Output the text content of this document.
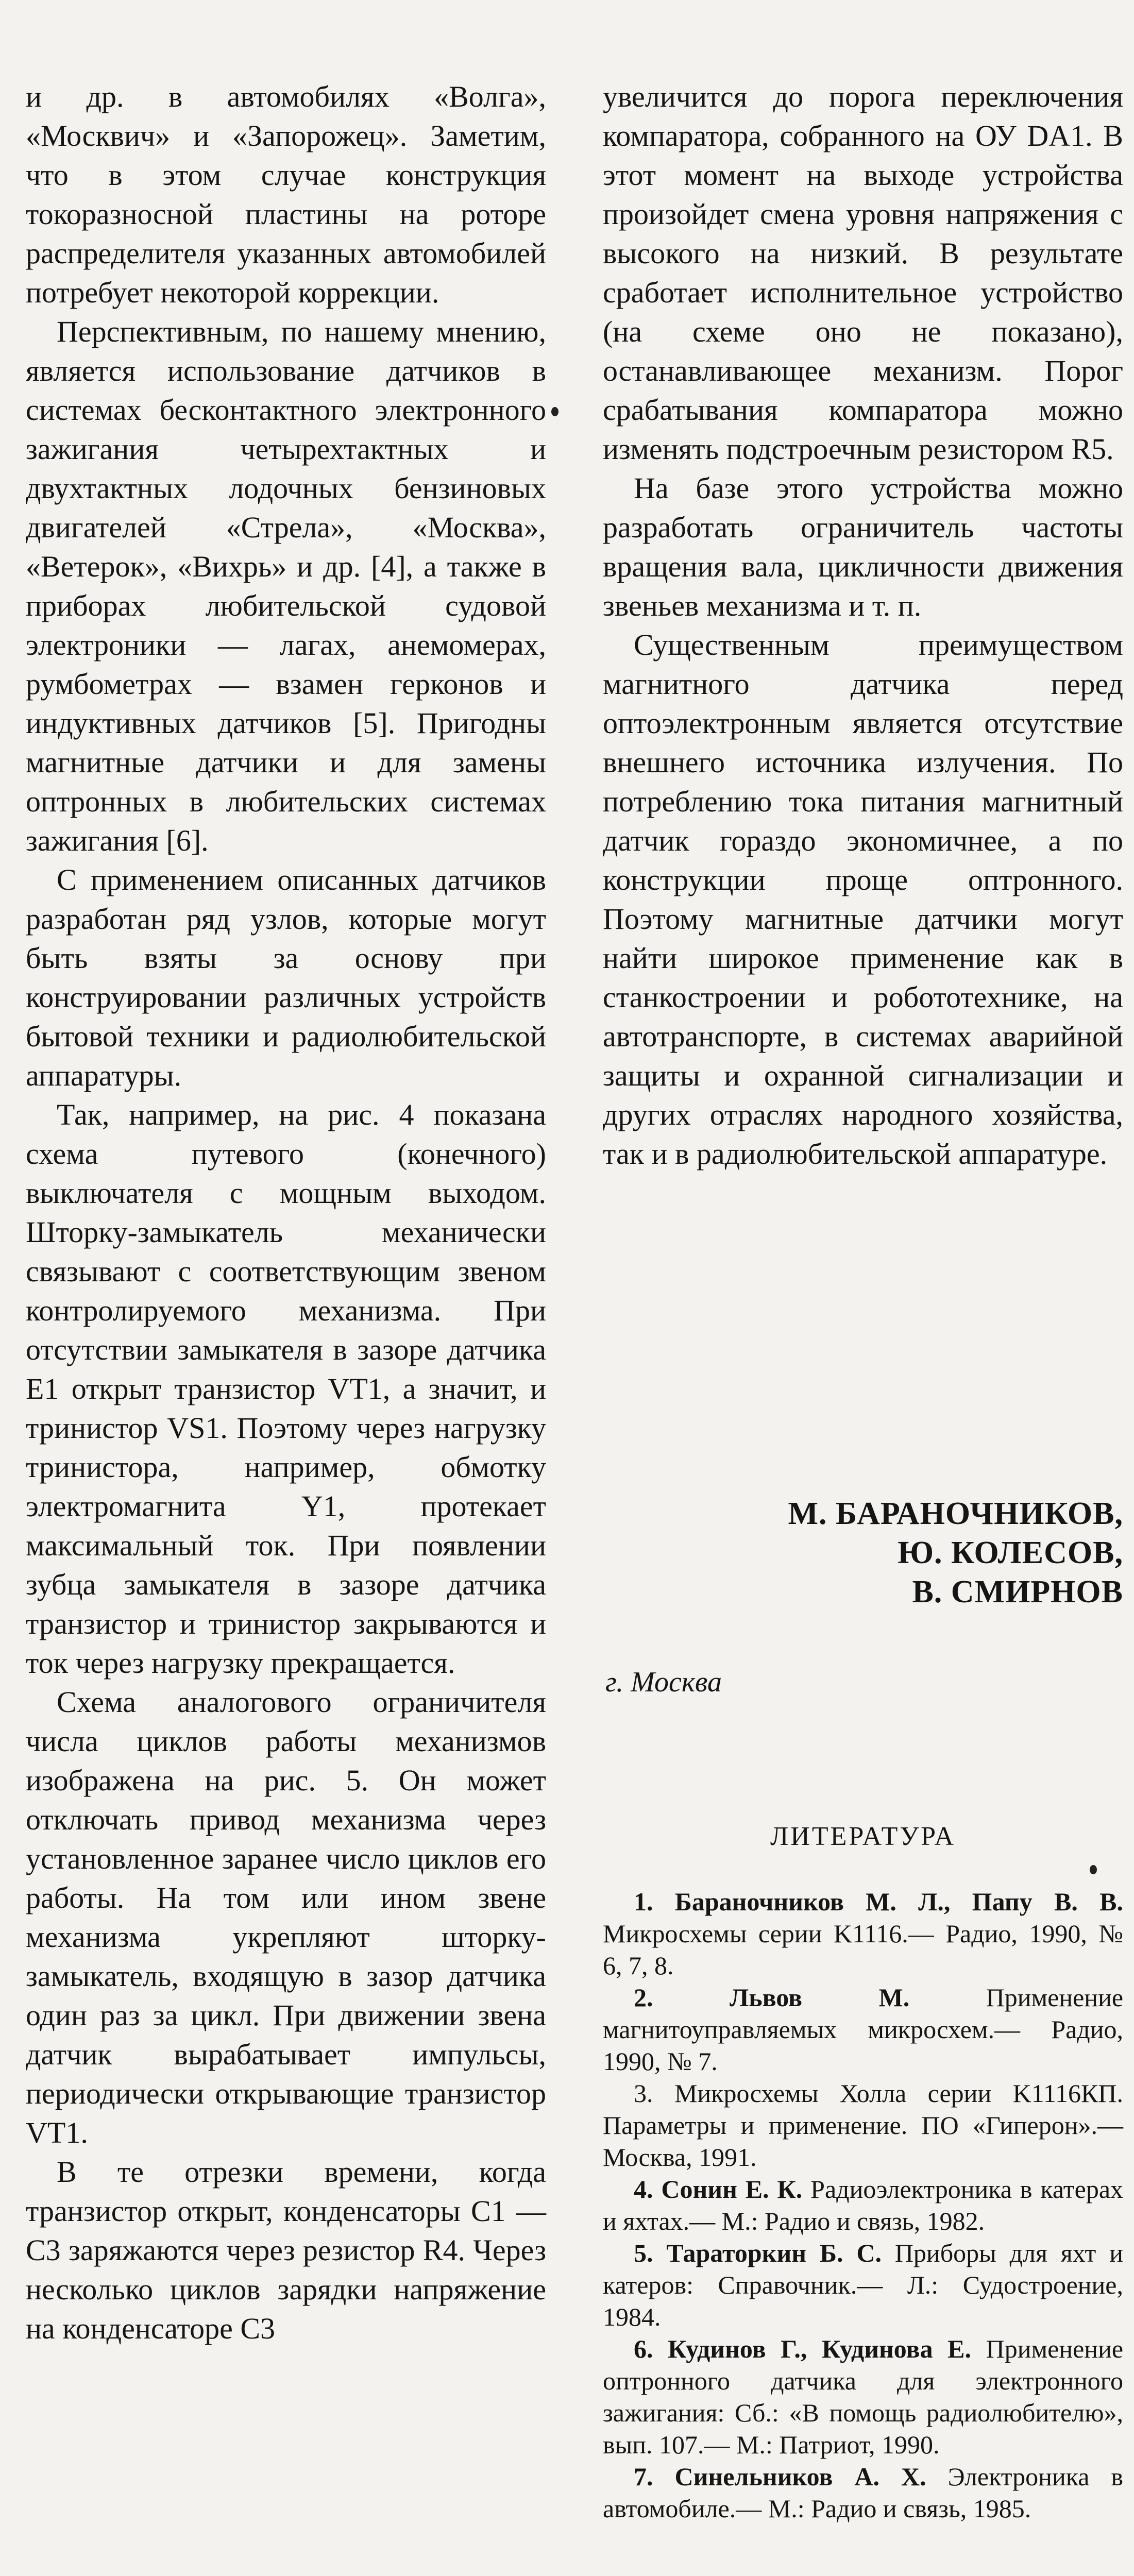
и др. в автомобилях «Волга», «Москвич» и «Запорожец». Заметим, что в этом случае конструкция токоразносной пластины на роторе распределителя указанных автомобилей потребует некоторой коррекции.

Перспективным, по нашему мнению, является использование датчиков в системах бесконтактного электронного зажигания четырехтактных и двухтактных лодочных бензиновых двигателей «Стрела», «Москва», «Ветерок», «Вихрь» и др. [4], а также в приборах любительской судовой электроники — лагах, анемомерах, румбометрах — взамен герконов и индуктивных датчиков [5]. Пригодны магнитные датчики и для замены оптронных в любительских системах зажигания [6].

С применением описанных датчиков разработан ряд узлов, которые могут быть взяты за основу при конструировании различных устройств бытовой техники и радиолюбительской аппаратуры.

Так, например, на рис. 4 показана схема путевого (конечного) выключателя с мощным выходом. Шторку-замыкатель механически связывают с соответствующим звеном контролируемого механизма. При отсутствии замыкателя в зазоре датчика E1 открыт транзистор VT1, а значит, и тринистор VS1. Поэтому через нагрузку тринистора, например, обмотку электромагнита Y1, протекает максимальный ток. При появлении зубца замыкателя в зазоре датчика транзистор и тринистор закрываются и ток через нагрузку прекращается.

Схема аналогового ограничителя числа циклов работы механизмов изображена на рис. 5. Он может отключать привод механизма через установленное заранее число циклов его работы. На том или ином звене механизма укрепляют шторку-замыкатель, входящую в зазор датчика один раз за цикл. При движении звена датчик вырабатывает импульсы, периодически открывающие транзистор VT1.

В те отрезки времени, когда транзистор открыт, конденсаторы C1 — C3 заряжаются через резистор R4. Через несколько циклов зарядки напряжение на конденсаторе C3

увеличится до порога переключения компаратора, собранного на ОУ DA1. В этот момент на выходе устройства произойдет смена уровня напряжения с высокого на низкий. В результате сработает исполнительное устройство (на схеме оно не показано), останавливающее механизм. Порог срабатывания компаратора можно изменять подстроечным резистором R5.

На базе этого устройства можно разработать ограничитель частоты вращения вала, цикличности движения звеньев механизма и т. п.

Существенным преимуществом магнитного датчика перед оптоэлектронным является отсутствие внешнего источника излучения. По потреблению тока питания магнитный датчик гораздо экономичнее, а по конструкции проще оптронного. Поэтому магнитные датчики могут найти широкое применение как в станкостроении и робототехнике, на автотранспорте, в системах аварийной защиты и охранной сигнализации и других отраслях народного хозяйства, так и в радиолюбительской аппаратуре.

М. БАРАНОЧНИКОВ,
Ю. КОЛЕСОВ,
В. СМИРНОВ
г. Москва
ЛИТЕРАТУРА

1. Бараночников М. Л., Папу В. В. Микросхемы серии K1116.— Радио, 1990, № 6, 7, 8.

2. Львов М.	Применение магнитоуправляемых микросхем.— Радио, 1990, № 7.

3. Микросхемы Холла серии K1116КП. Параметры и применение. ПО «Гиперон».— Москва, 1991.

4. Сонин Е. К. Радиоэлектроника в катерах и яхтах.— М.: Радио и связь, 1982.

5. Тараторкин Б. С. Приборы для яхт и катеров: Справочник.— Л.: Судостроение, 1984.

6. Кудинов Г., Кудинова Е. Применение оптронного датчика для электронного зажигания: Сб.: «В помощь радиолюбителю», вып. 107.— М.: Патриот, 1990.

7. Синельников А. Х. Электроника в автомобиле.— М.: Радио и связь, 1985.
